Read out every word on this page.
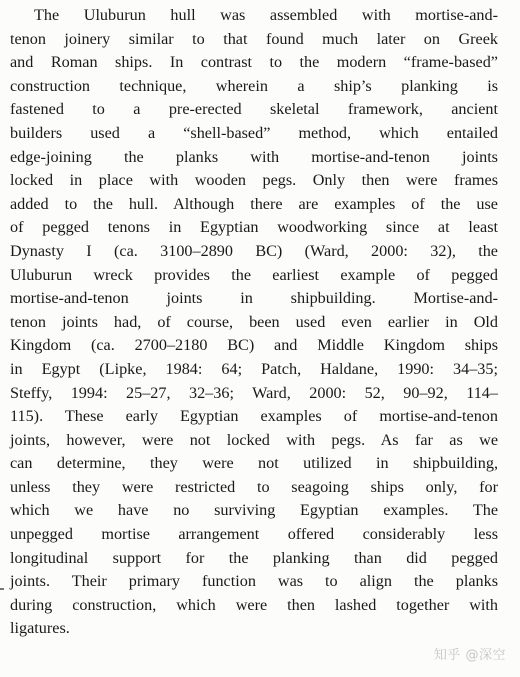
The Uluburun hull was assembled with mortise-and-
tenon joinery similar to that found much later on Greek
and Roman ships. In contrast to the modern “frame-based”
construction technique, wherein a ship’s planking is
fastened to a pre-erected skeletal framework, ancient
builders used a “shell-based” method, which entailed
edge-joining the planks with mortise-and-tenon joints
locked in place with wooden pegs. Only then were frames
added to the hull. Although there are examples of the use
of pegged tenons in Egyptian woodworking since at least
Dynasty I (ca. 3100–2890 BC) (Ward, 2000: 32), the
Uluburun wreck provides the earliest example of pegged
mortise-and-tenon joints in shipbuilding. Mortise-and-
tenon joints had, of course, been used even earlier in Old
Kingdom (ca. 2700–2180 BC) and Middle Kingdom ships
in Egypt (Lipke, 1984: 64; Patch, Haldane, 1990: 34–35;
Steffy, 1994: 25–27, 32–36; Ward, 2000: 52, 90–92, 114–
115). These early Egyptian examples of mortise-and-tenon
joints, however, were not locked with pegs. As far as we
can determine, they were not utilized in shipbuilding,
unless they were restricted to seagoing ships only, for
which we have no surviving Egyptian examples. The
unpegged mortise arrangement offered considerably less
longitudinal support for the planking than did pegged
joints. Their primary function was to align the planks
during construction, which were then lashed together with
ligatures.
知乎 @深空
